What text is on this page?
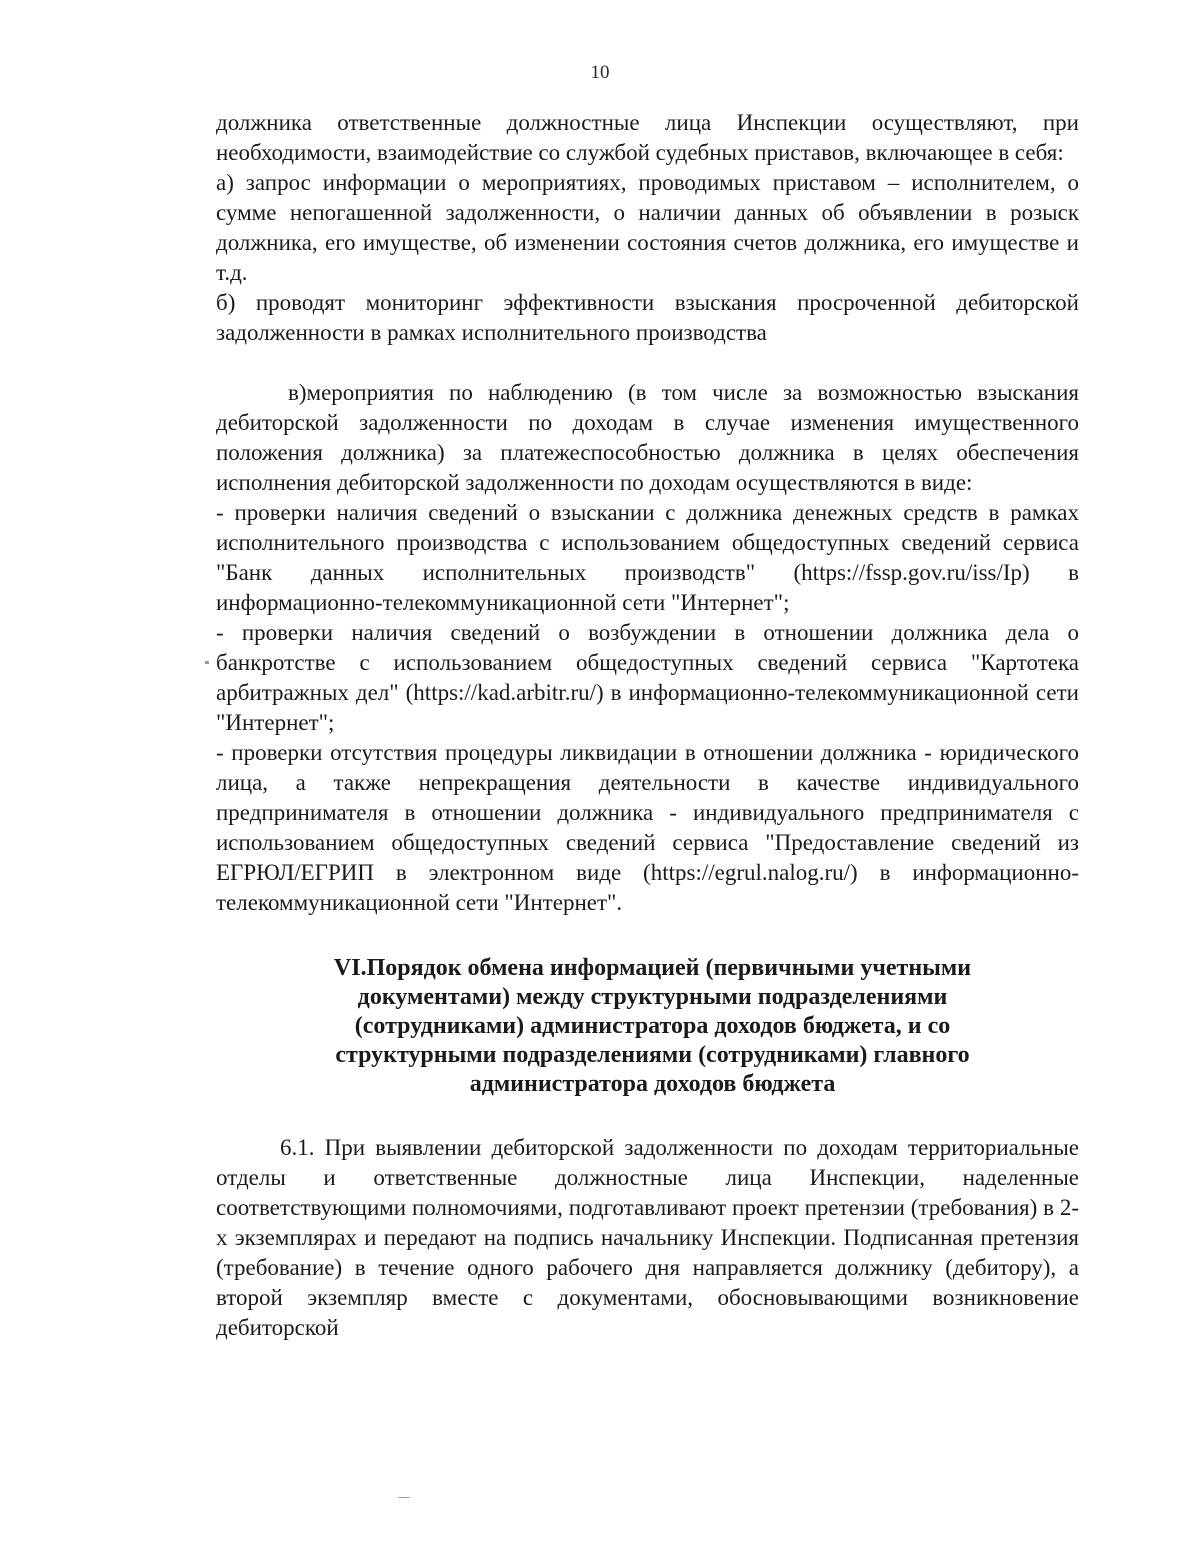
10

должника ответственные должностные лица Инспекции осуществляют, при необходимости, взаимодействие со службой судебных приставов, включающее в себя:

а) запрос информации о мероприятиях, проводимых приставом – исполнителем, о сумме непогашенной задолженности, о наличии данных об объявлении в розыск должника, его имуществе, об изменении состояния счетов должника, его имуществе и т.д.

б) проводят мониторинг эффективности взыскания просроченной дебиторской задолженности в рамках исполнительного производства

в)мероприятия по наблюдению (в том числе за возможностью взыскания дебиторской задолженности по доходам в случае изменения имущественного положения должника) за платежеспособностью должника в целях обеспечения исполнения дебиторской задолженности по доходам осуществляются в виде:

- проверки наличия сведений о взыскании с должника денежных средств в рамках исполнительного производства с использованием общедоступных сведений сервиса "Банк данных исполнительных производств" (https://fssp.gov.ru/iss/Ip) в информационно-телекоммуникационной сети "Интернет";

- проверки наличия сведений о возбуждении в отношении должника дела о банкротстве с использованием общедоступных сведений сервиса "Картотека арбитражных дел" (https://kad.arbitr.ru/) в информационно-телекоммуникационной сети "Интернет";

- проверки отсутствия процедуры ликвидации в отношении должника - юридического лица, а также непрекращения деятельности в качестве индивидуального предпринимателя в отношении должника - индивидуального предпринимателя с использованием общедоступных сведений сервиса "Предоставление сведений из ЕГРЮЛ/ЕГРИП в электронном виде (https://egrul.nalog.ru/) в информационно-телекоммуникационной сети "Интернет".

VI.Порядок обмена информацией (первичными учетными документами) между структурными подразделениями (сотрудниками) администратора доходов бюджета, и со структурными подразделениями (сотрудниками) главного администратора доходов бюджета

6.1. При выявлении дебиторской задолженности по доходам территориальные отделы и ответственные должностные лица Инспекции, наделенные соответствующими полномочиями, подготавливают проект претензии (требования) в 2-х экземплярах и передают на подпись начальнику Инспекции. Подписанная претензия (требование) в течение одного рабочего дня направляется должнику (дебитору), а второй экземпляр вместе с документами, обосновывающими возникновение дебиторской
